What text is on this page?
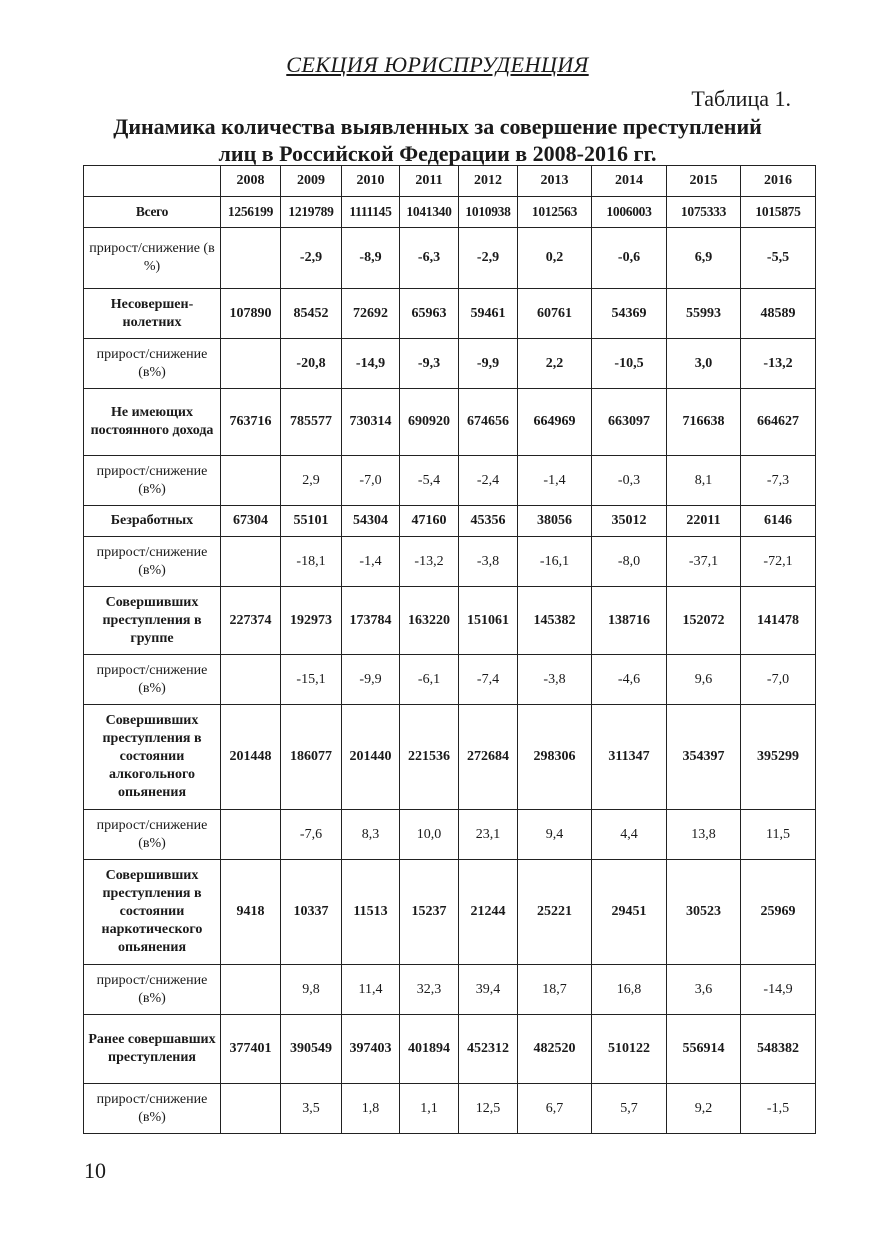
СЕКЦИЯ ЮРИСПРУДЕНЦИЯ
Таблица 1.
Динамика количества выявленных за совершение преступлений
лиц в Российской Федерации в 2008-2016 гг.
	2008	2009	2010	2011	2012	2013	2014	2015	2016
Всего	1256199	1219789	1111145	1041340	1010938	1012563	1006003	1075333	1015875
прирост/снижение (в %)		-2,9	-8,9	-6,3	-2,9	0,2	-0,6	6,9	-5,5
Несовершен-нолетних	107890	85452	72692	65963	59461	60761	54369	55993	48589
прирост/снижение (в%)		-20,8	-14,9	-9,3	-9,9	2,2	-10,5	3,0	-13,2
Не имеющих постоянного дохода	763716	785577	730314	690920	674656	664969	663097	716638	664627
прирост/снижение (в%)		2,9	-7,0	-5,4	-2,4	-1,4	-0,3	8,1	-7,3
Безработных	67304	55101	54304	47160	45356	38056	35012	22011	6146
прирост/снижение (в%)		-18,1	-1,4	-13,2	-3,8	-16,1	-8,0	-37,1	-72,1
Совершивших преступления в группе	227374	192973	173784	163220	151061	145382	138716	152072	141478
прирост/снижение (в%)		-15,1	-9,9	-6,1	-7,4	-3,8	-4,6	9,6	-7,0
Совершивших преступления в состоянии алкогольного опьянения	201448	186077	201440	221536	272684	298306	311347	354397	395299
прирост/снижение (в%)		-7,6	8,3	10,0	23,1	9,4	4,4	13,8	11,5
Совершивших преступления в состоянии наркотического опьянения	9418	10337	11513	15237	21244	25221	29451	30523	25969
прирост/снижение (в%)		9,8	11,4	32,3	39,4	18,7	16,8	3,6	-14,9
Ранее совершавших преступления	377401	390549	397403	401894	452312	482520	510122	556914	548382
прирост/снижение (в%)		3,5	1,8	1,1	12,5	6,7	5,7	9,2	-1,5
10
